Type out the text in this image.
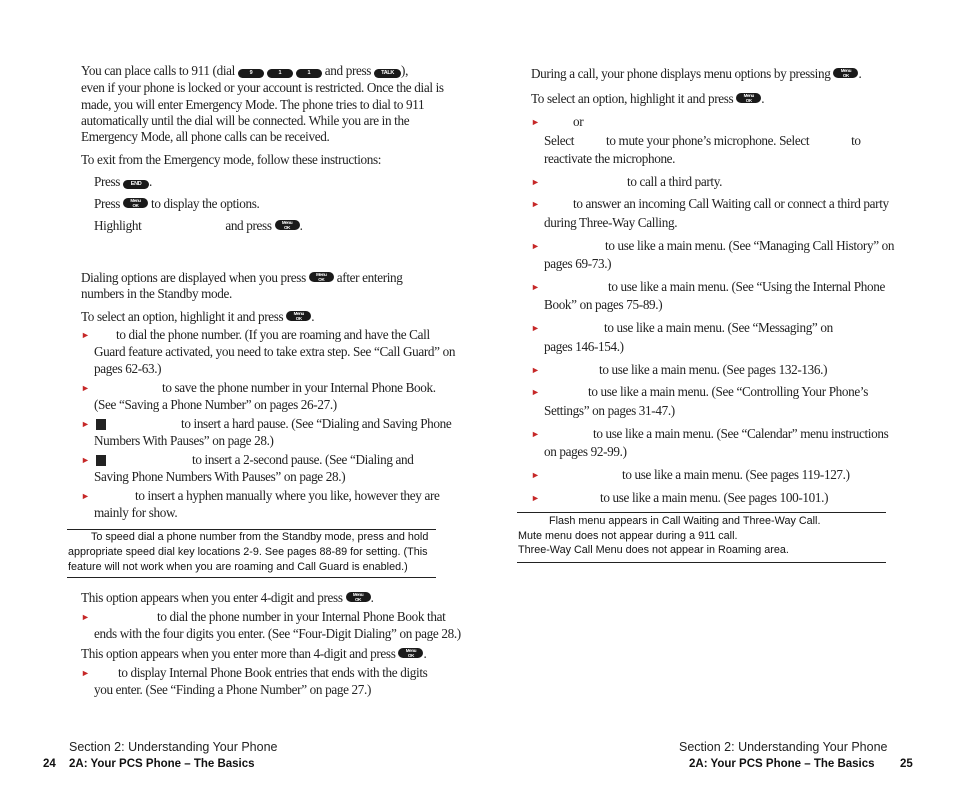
You can place calls to 911 (dial	9	1	1 and press TALK ),
even if your phone is locked or your account is restricted. Once the dial is
made, you will enter Emergency Mode. The phone tries to dial to 911
automatically until the dial will be connected. While you are in the
Emergency Mode, all phone calls can be received.
To exit from the Emergency mode, follow these instructions:
Press END .
Press Menu
OK to display the options.
Highlight	and press Menu
OK .
Dialing options are displayed when you press Menu
OK after entering
numbers in the Standby mode.
To select an option, highlight it and press Menu
OK .
► to dial the phone number. (If you are roaming and have the Call
Guard feature activated, you need to take extra step. See “Call Guard” on
pages 62-63.)
►	to save the phone number in your Internal Phone Book.
(See “Saving a Phone Number” on pages 26-27.)
►	to insert a hard pause. (See “Dialing and Saving Phone
Numbers With Pauses” on page 28.)
►	to insert a 2-second pause. (See “Dialing and
Saving Phone Numbers With Pauses” on page 28.)
►	to insert a hyphen manually where you like, however they are
mainly for show.
To speed dial a phone number from the Standby mode, press and hold
appropriate speed dial key locations 2-9. See pages 88-89 for setting. (This
feature will not work when you are roaming and Call Guard is enabled.)
This option appears when you enter 4-digit and press Menu
OK .
►	to dial the phone number in your Internal Phone Book that
ends with the four digits you enter. (See “Four-Digit Dialing” on page 28.)
This option appears when you enter more than 4-digit and press Menu
OK .
► to display Internal Phone Book entries that ends with the digits
you enter. (See “Finding a Phone Number” on page 27.)
Section 2: Understanding Your Phone
24 2A: Your PCS Phone – The Basics
During a call, your phone displays menu options by pressing Menu
OK .
To select an option, highlight it and press Menu
OK .
►	or
Select to mute your phone’s microphone. Select	to
reactivate the microphone.
►	to call a third party.
►	to answer an incoming Call Waiting call or connect a third party
during Three-Way Calling.
►	to use like a main menu. (See “Managing Call History” on
pages 69-73.)
►	to use like a main menu. (See “Using the Internal Phone
Book” on pages 75-89.)
►	to use like a main menu. (See “Messaging” on
pages 146-154.)
►	to use like a main menu. (See pages 132-136.)
►	to use like a main menu. (See “Controlling Your Phone’s
Settings” on pages 31-47.)
►	to use like a main menu. (See “Calendar” menu instructions
on pages 92-99.)
►	to use like a main menu. (See pages 119-127.)
►	to use like a main menu. (See pages 100-101.)
Flash menu appears in Call Waiting and Three-Way Call.
Mute menu does not appear during a 911 call.
Three-Way Call Menu does not appear in Roaming area.
Section 2: Understanding Your Phone
2A: Your PCS Phone – The Basics 25
